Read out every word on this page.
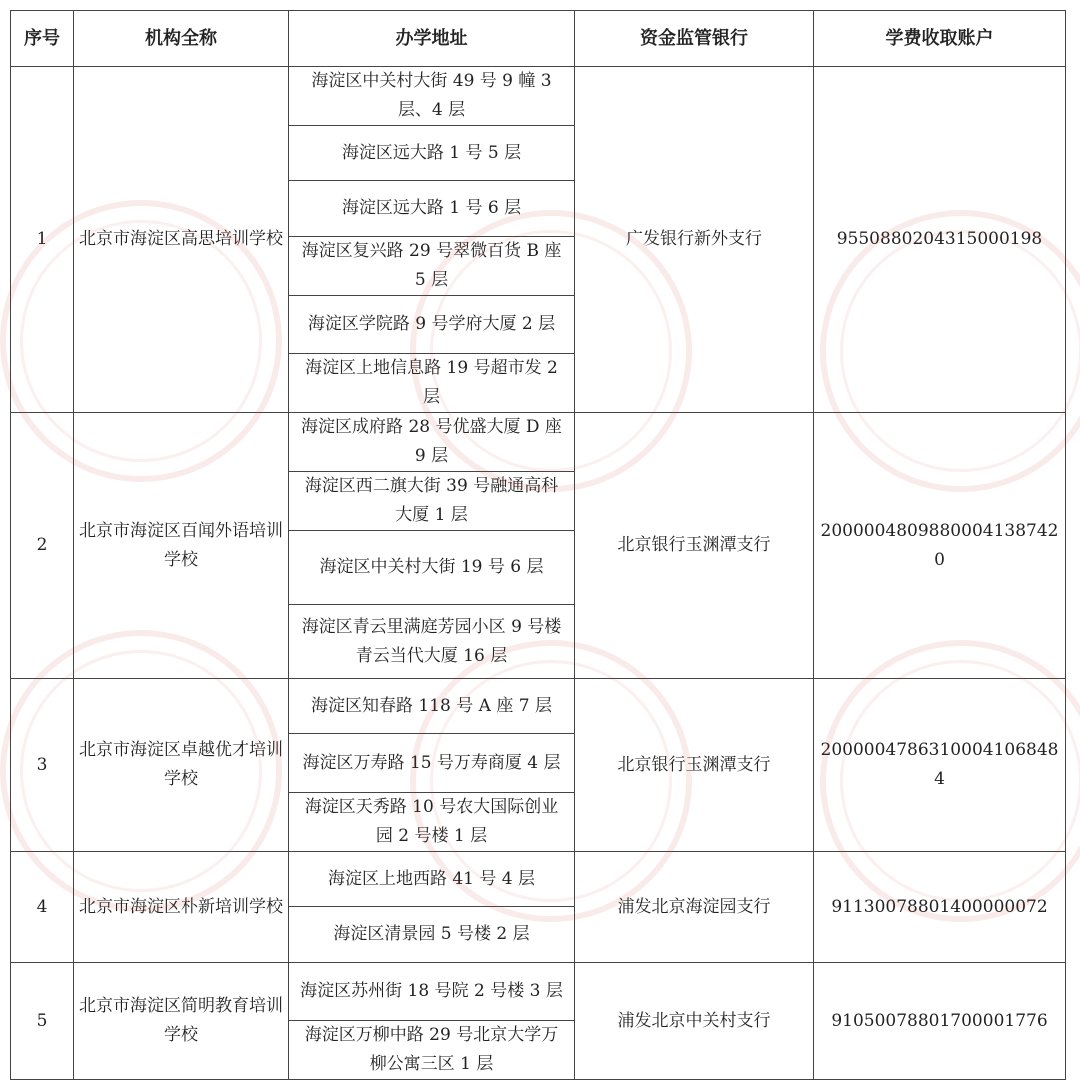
序号	机构全称	办学地址	资金监管银行	学费收取账户
1	北京市海淀区高思培训学校	海淀区中关村大街 49 号 9 幢 3 层、4 层	广发银行新外支行	9550880204315000198
		海淀区远大路 1 号 5 层		
		海淀区远大路 1 号 6 层		
		海淀区复兴路 29 号翠微百货 B 座 5 层		
		海淀区学院路 9 号学府大厦 2 层		
		海淀区上地信息路 19 号超市发 2 层		
2	北京市海淀区百闻外语培训学校	海淀区成府路 28 号优盛大厦 D 座 9 层	北京银行玉渊潭支行	20000048098800041387420
		海淀区西二旗大街 39 号融通高科大厦 1 层		
		海淀区中关村大街 19 号 6 层		
		海淀区青云里满庭芳园小区 9 号楼青云当代大厦 16 层		
3	北京市海淀区卓越优才培训学校	海淀区知春路 118 号 A 座 7 层	北京银行玉渊潭支行	20000047863100041068484
		海淀区万寿路 15 号万寿商厦 4 层		
		海淀区天秀路 10 号农大国际创业园 2 号楼 1 层		
4	北京市海淀区朴新培训学校	海淀区上地西路 41 号 4 层	浦发北京海淀园支行	91130078801400000072
		海淀区清景园 5 号楼 2 层		
5	北京市海淀区简明教育培训学校	海淀区苏州街 18 号院 2 号楼 3 层	浦发北京中关村支行	91050078801700001776
		海淀区万柳中路 29 号北京大学万柳公寓三区 1 层		
